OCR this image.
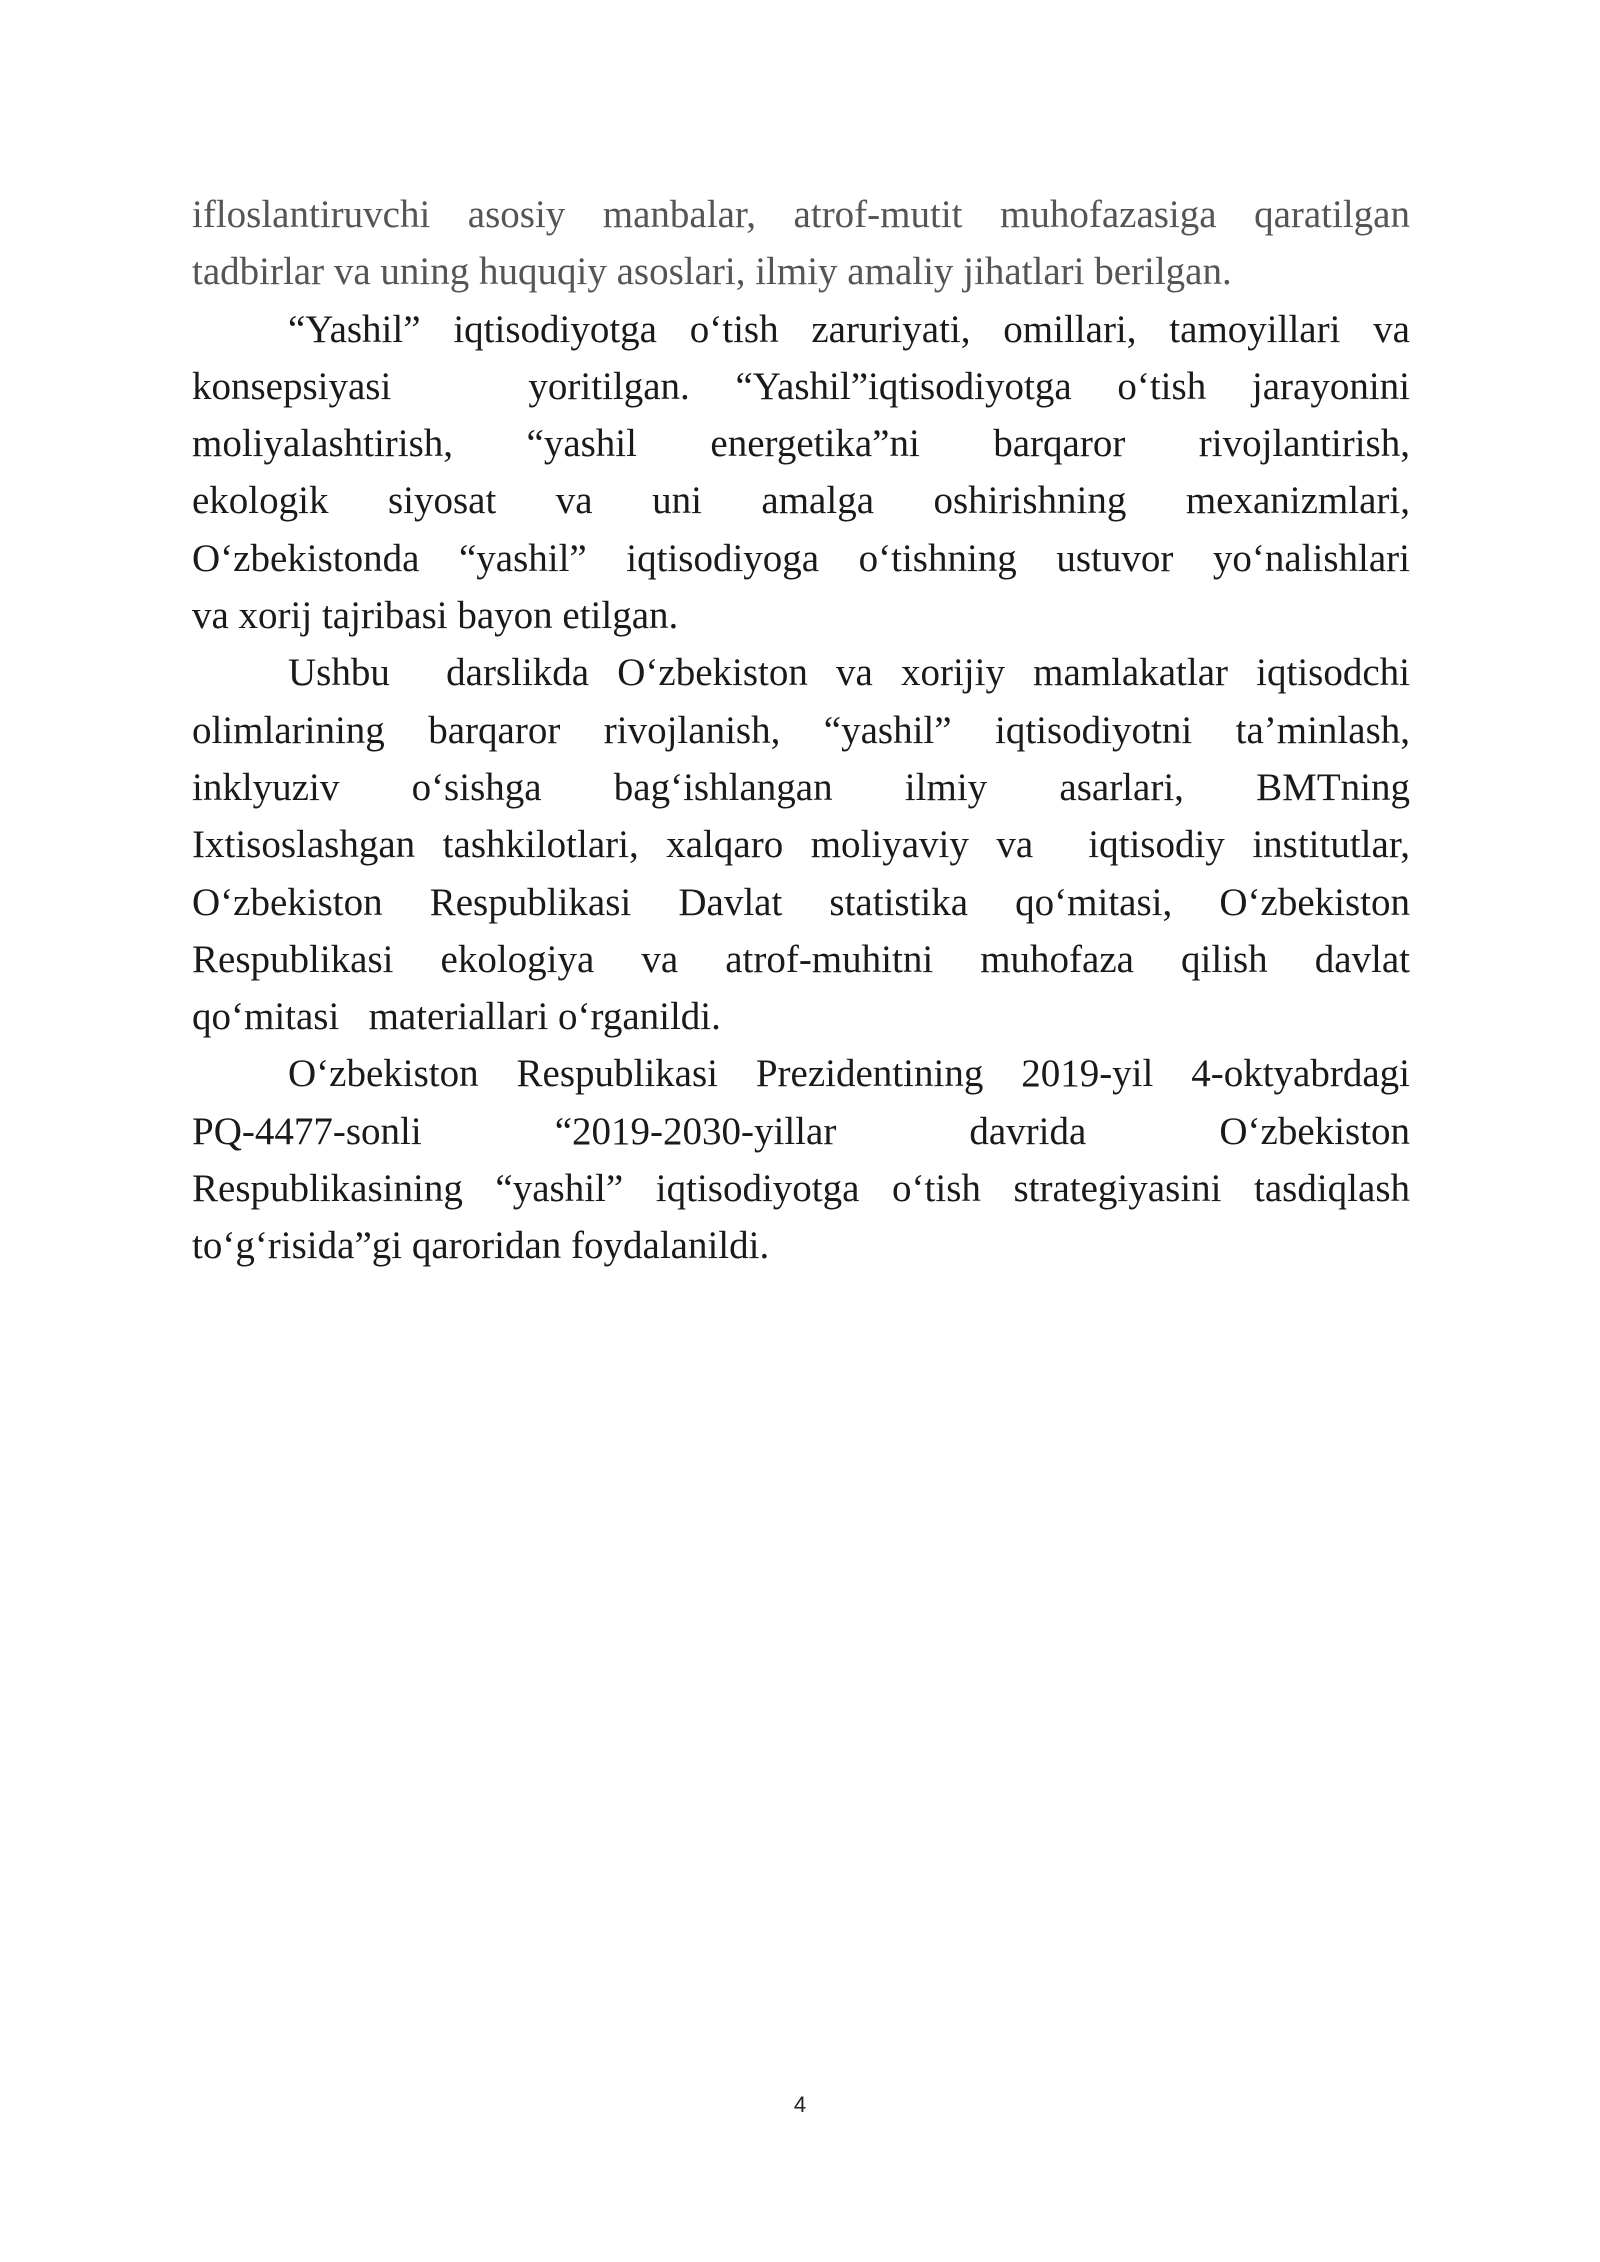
ifloslantiruvchi asosiy manbalar, atrof-mutit muhofazasiga qaratilgan
tadbirlar va uning huquqiy asoslari, ilmiy amaliy jihatlari berilgan.
“Yashil” iqtisodiyotga o‘tish zaruriyati, omillari, tamoyillari va
konsepsiyasi   yoritilgan. “Yashil”iqtisodiyotga o‘tish jarayonini
moliyalashtirish, “yashil energetika”ni barqaror rivojlantirish,
ekologik siyosat va uni amalga oshirishning mexanizmlari,
O‘zbekistonda “yashil” iqtisodiyoga o‘tishning ustuvor yo‘nalishlari
va xorij tajribasi bayon etilgan.
Ushbu  darslikda O‘zbekiston va xorijiy mamlakatlar iqtisodchi
olimlarining barqaror rivojlanish, “yashil” iqtisodiyotni ta’minlash,
inklyuziv o‘sishga bag‘ishlangan ilmiy asarlari, BMTning
Ixtisoslashgan tashkilotlari, xalqaro moliyaviy va  iqtisodiy institutlar,
O‘zbekiston Respublikasi Davlat statistika qo‘mitasi, O‘zbekiston
Respublikasi ekologiya va atrof-muhitni muhofaza qilish davlat
qo‘mitasi   materiallari o‘rganildi.
O‘zbekiston Respublikasi Prezidentining 2019-yil 4-oktyabrdagi
PQ-4477-sonli “2019-2030-yillar davrida O‘zbekiston
Respublikasining “yashil” iqtisodiyotga o‘tish strategiyasini tasdiqlash
to‘g‘risida”gi qaroridan foydalanildi.
4
